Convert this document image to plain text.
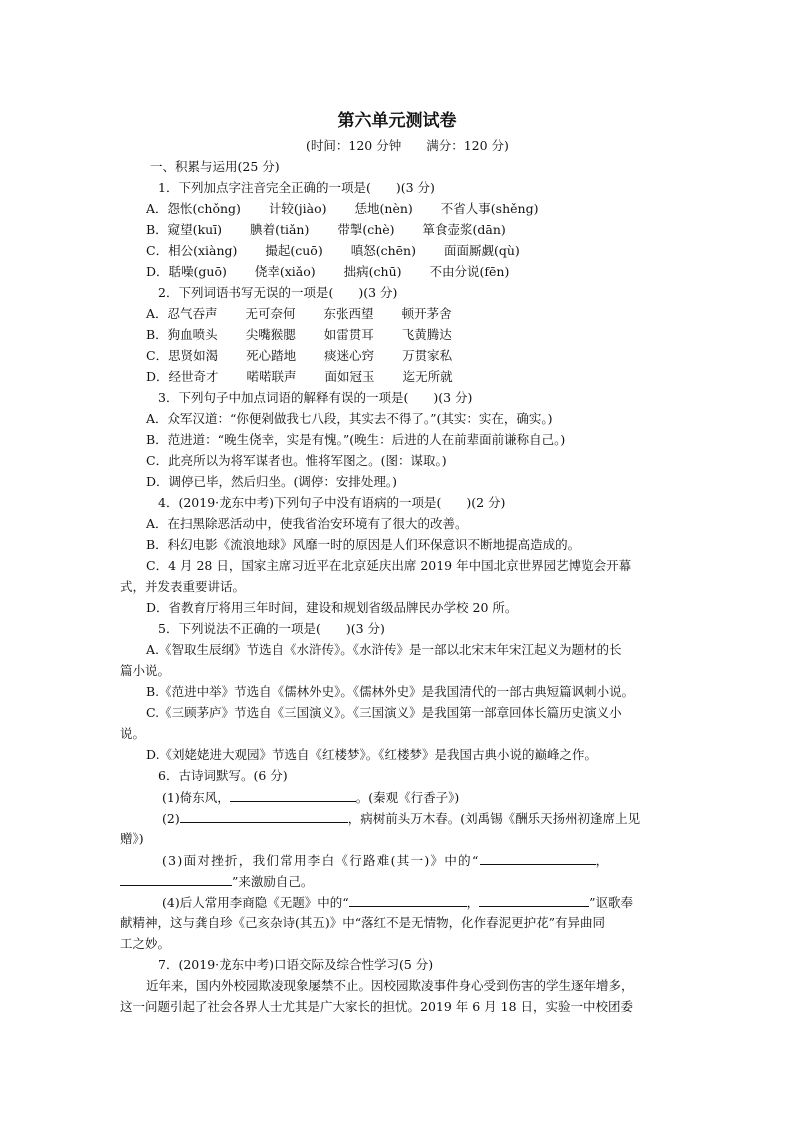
第六单元测试卷
(时间：120 分钟　　满分：120 分)
一、积累与运用(25 分)
1．下列加点字注音完全正确的一项是(　　)(3 分)
A．怨怅(chǒng) 计较(jiào) 恁地(nèn) 不省人事(shěng)
B．窥望(kuī) 腆着(tiǎn) 带掣(chè) 箪食壶浆(dān)
C．相公(xiàng) 撮起(cuō) 嗔怒(chēn) 面面厮觑(qù)
D．聒噪(guō) 侥幸(xiǎo) 拙病(chū) 不由分说(fēn)
2．下列词语书写无误的一项是(　　)(3 分)
A．忍气吞声 无可奈何 东张西望 顿开茅舍
B．狗血喷头 尖嘴猴腮 如雷贯耳 飞黄腾达
C．思贤如渴 死心踏地 痰迷心窍 万贯家私
D．经世奇才 喏喏联声 面如冠玉 迄无所就
3．下列句子中加点词语的解释有误的一项是(　　)(3 分)
A．众军汉道：“你便剁做我七八段，其实去不得了。”(其实：实在，确实。)
B．范进道：“晚生侥幸，实是有愧。”(晚生：后进的人在前辈面前谦称自己。)
C．此亮所以为将军谋者也。惟将军图之。(图：谋取。)
D．调停已毕，然后归坐。(调停：安排处理。)
4．(2019·龙东中考)下列句子中没有语病的一项是(　　)(2 分)
A．在扫黑除恶活动中，使我省治安环境有了很大的改善。
B．科幻电影《流浪地球》风靡一时的原因是人们环保意识不断地提高造成的。
C．4 月 28 日，国家主席习近平在北京延庆出席 2019 年中国北京世界园艺博览会开幕
式，并发表重要讲话。
D．省教育厅将用三年时间，建设和规划省级品牌民办学校 20 所。
5．下列说法不正确的一项是(　　)(3 分)
A.《智取生辰纲》节选自《水浒传》。《水浒传》是一部以北宋末年宋江起义为题材的长
篇小说。
B.《范进中举》节选自《儒林外史》。《儒林外史》是我国清代的一部古典短篇讽刺小说。
C.《三顾茅庐》节选自《三国演义》。《三国演义》是我国第一部章回体长篇历史演义小
说。
D.《刘姥姥进大观园》节选自《红楼梦》。《红楼梦》是我国古典小说的巅峰之作。
6．古诗词默写。(6 分)
(1)倚东风，	。(秦观《行香子》)
(2)	，病树前头万木春。(刘禹锡《酬乐天扬州初逢席上见
赠》)
(3)面对挫折，我们常用李白《行路难(其一)》中的“	，
”来激励自己。
(4)后人常用李商隐《无题》中的“	，	”讴歌奉
献精神，这与龚自珍《己亥杂诗(其五)》中“落红不是无情物，化作春泥更护花”有异曲同
工之妙。
7．(2019·龙东中考)口语交际及综合性学习(5 分)
近年来，国内外校园欺凌现象屡禁不止。因校园欺凌事件身心受到伤害的学生逐年增多，
这一问题引起了社会各界人士尤其是广大家长的担忧。2019 年 6 月 18 日，实验一中校团委
